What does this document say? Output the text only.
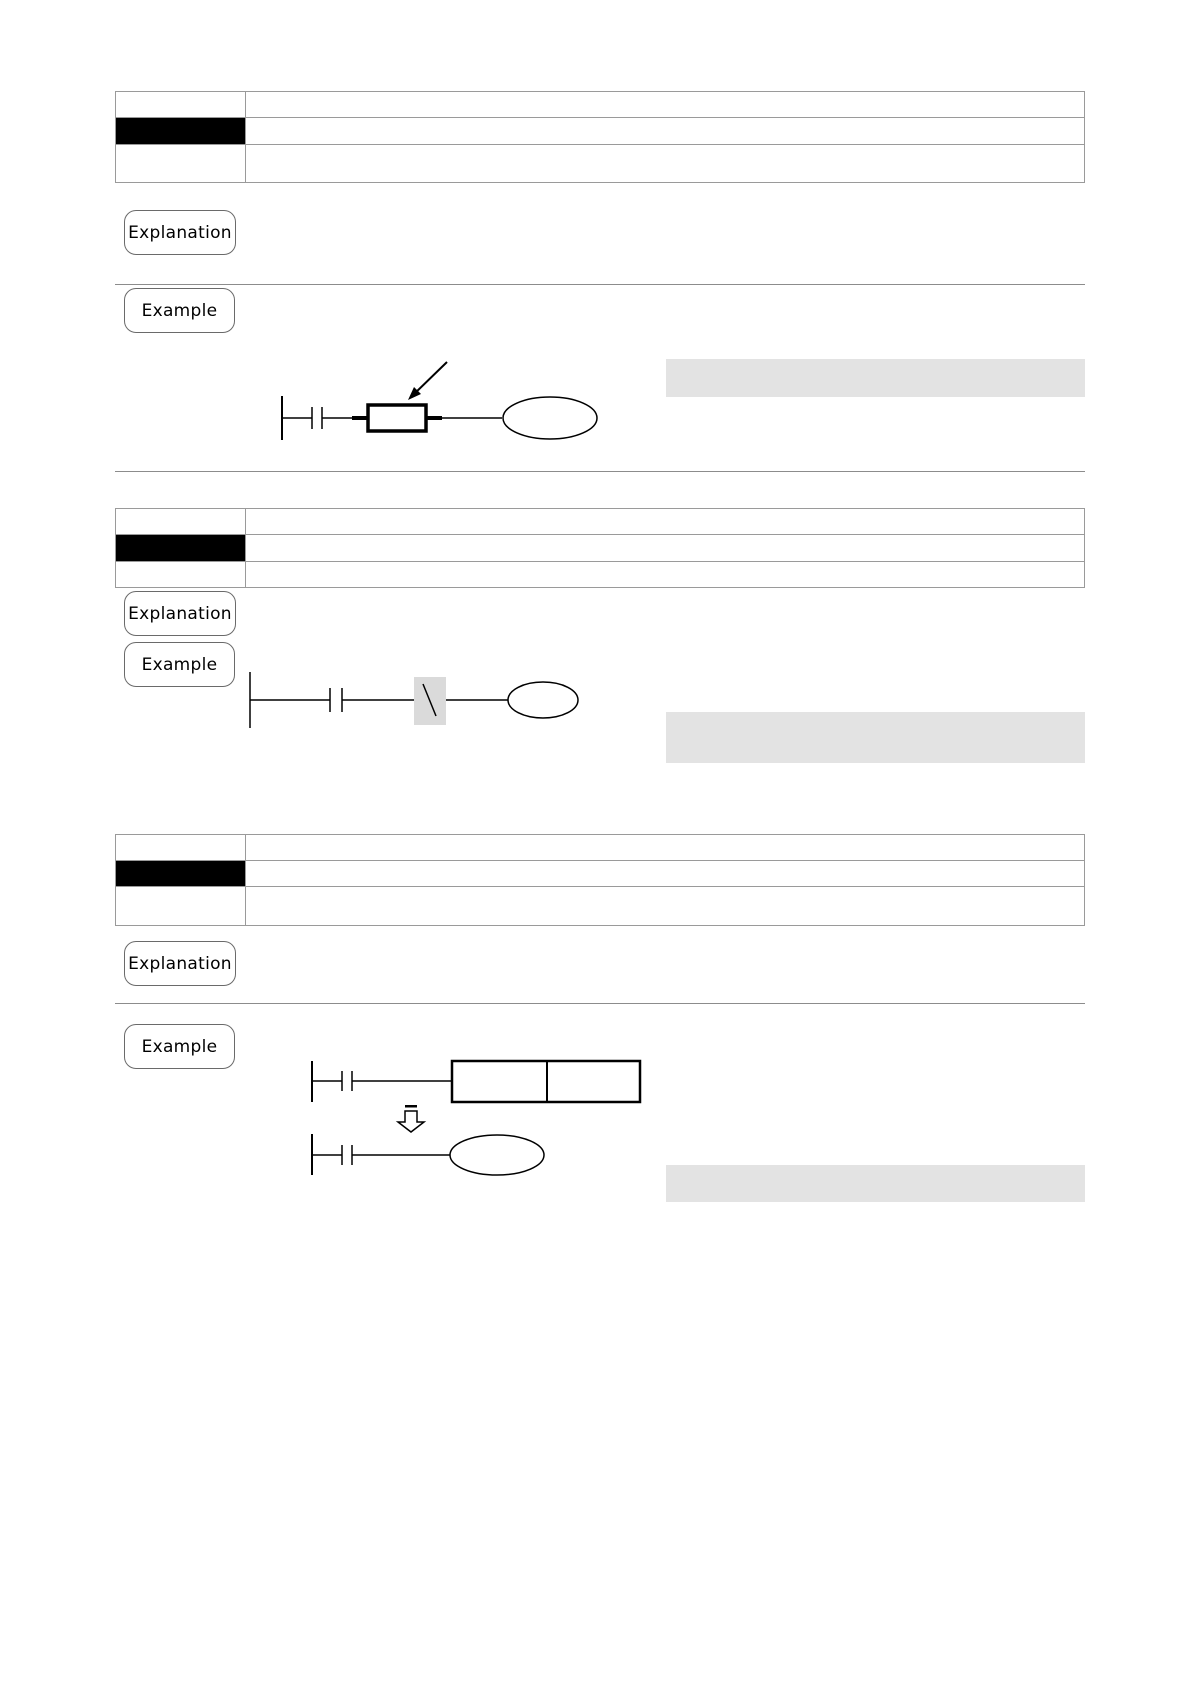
Explanation
Example

Explanation
Example

Explanation
Example
